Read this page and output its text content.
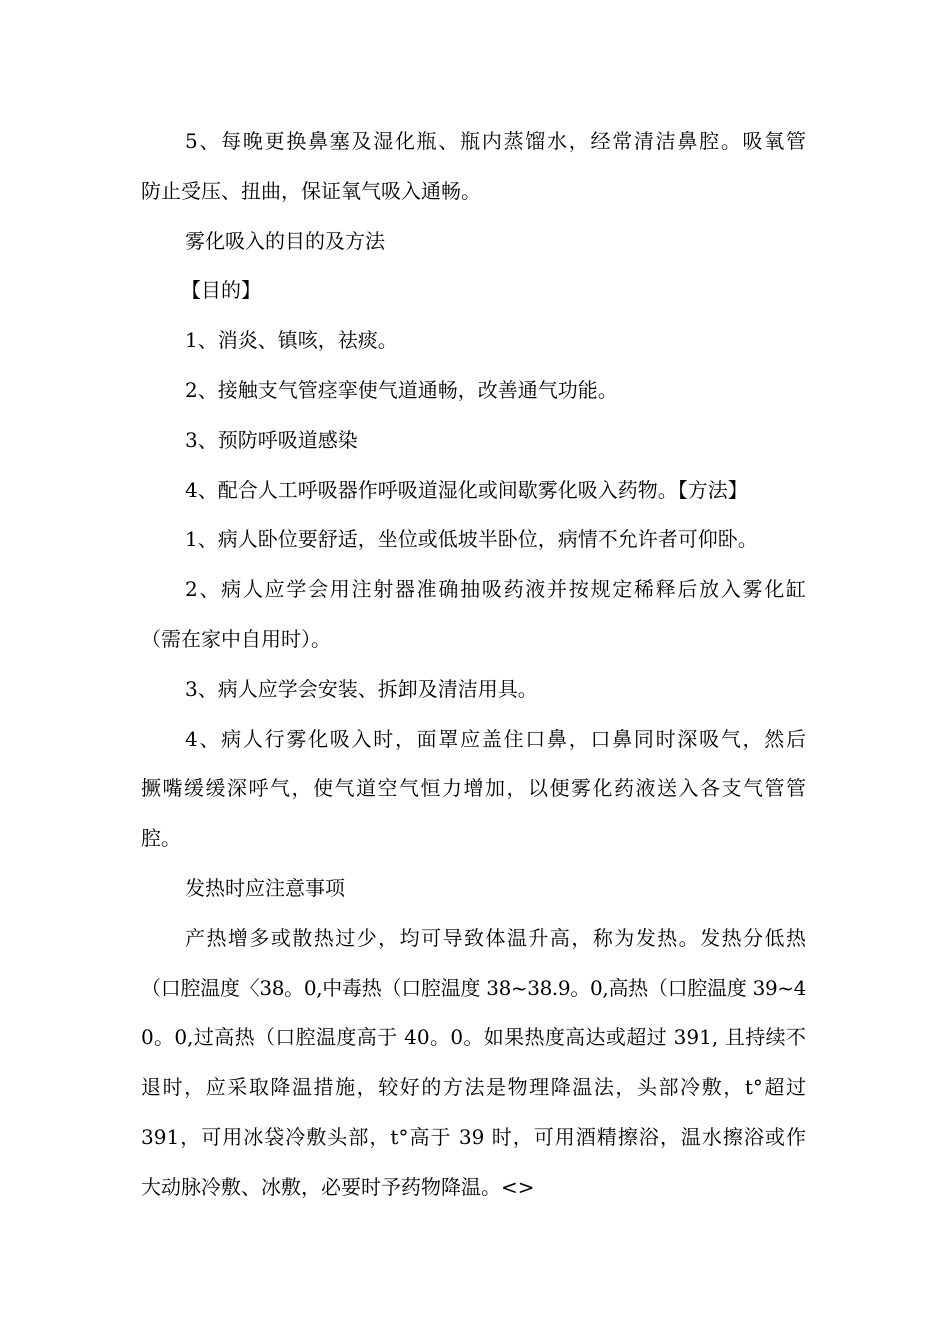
5、每晚更换鼻塞及湿化瓶、瓶内蒸馏水，经常清洁鼻腔。吸氧管

防止受压、扭曲，保证氧气吸入通畅。

雾化吸入的目的及方法

【目的】

1、消炎、镇咳，祛痰。

2、接触支气管痉挛使气道通畅，改善通气功能。

3、预防呼吸道感染

4、配合人工呼吸器作呼吸道湿化或间歇雾化吸入药物。【方法】

1、病人卧位要舒适，坐位或低坡半卧位，病情不允许者可仰卧。

2、病人应学会用注射器准确抽吸药液并按规定稀释后放入雾化缸

（需在家中自用时）。

3、病人应学会安装、拆卸及清洁用具。

4、病人行雾化吸入时，面罩应盖住口鼻，口鼻同时深吸气，然后

撅嘴缓缓深呼气，使气道空气恒力增加，以便雾化药液送入各支气管管

腔。

发热时应注意事项

产热增多或散热过少，均可导致体温升高，称为发热。发热分低热

（口腔温度〈38。0,中毒热（口腔温度 38~38.9。0,高热（口腔温度 39~4

0。0,过高热（口腔温度高于 40。0。如果热度高达或超过 391, 且持续不

退时，应采取降温措施，较好的方法是物理降温法，头部冷敷，t°超过

391，可用冰袋冷敷头部，t°高于 39 时，可用酒精擦浴，温水擦浴或作

大动脉冷敷、冰敷，必要时予药物降温。<>
